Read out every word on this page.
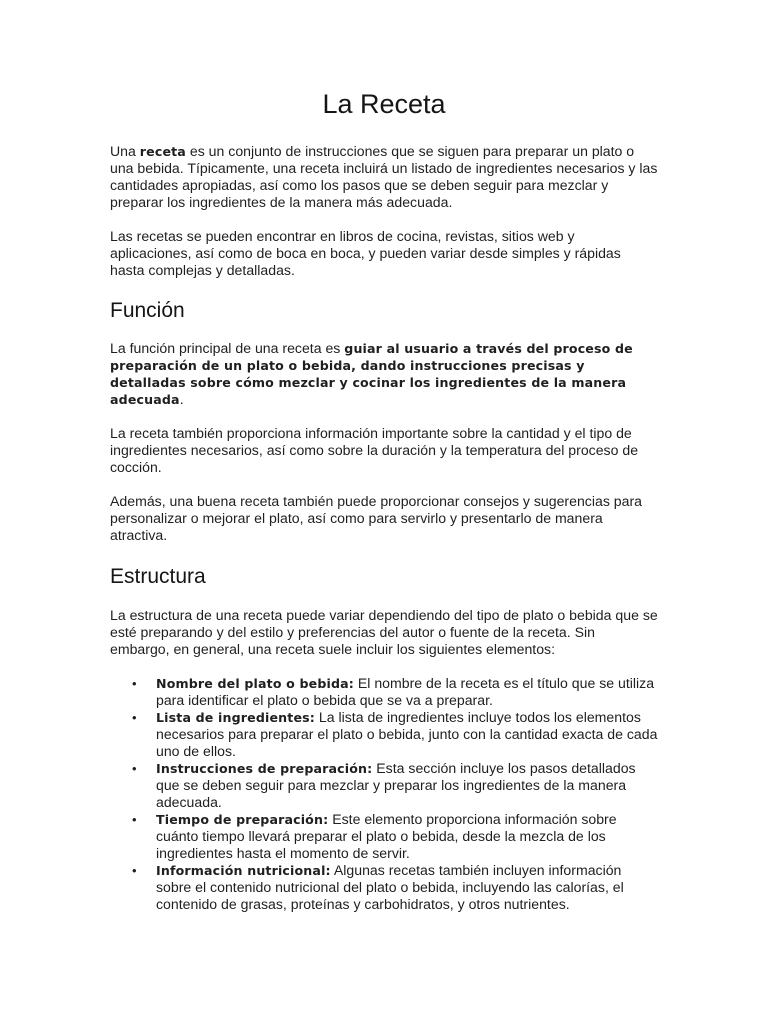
La Receta

Una receta es un conjunto de instrucciones que se siguen para preparar un plato o una bebida. Típicamente, una receta incluirá un listado de ingredientes necesarios y las cantidades apropiadas, así como los pasos que se deben seguir para mezclar y preparar los ingredientes de la manera más adecuada.

Las recetas se pueden encontrar en libros de cocina, revistas, sitios web y aplicaciones, así como de boca en boca, y pueden variar desde simples y rápidas hasta complejas y detalladas.

Función

La función principal de una receta es guiar al usuario a través del proceso de preparación de un plato o bebida, dando instrucciones precisas y detalladas sobre cómo mezclar y cocinar los ingredientes de la manera adecuada.

La receta también proporciona información importante sobre la cantidad y el tipo de ingredientes necesarios, así como sobre la duración y la temperatura del proceso de cocción.

Además, una buena receta también puede proporcionar consejos y sugerencias para personalizar o mejorar el plato, así como para servirlo y presentarlo de manera atractiva.

Estructura

La estructura de una receta puede variar dependiendo del tipo de plato o bebida que se esté preparando y del estilo y preferencias del autor o fuente de la receta. Sin embargo, en general, una receta suele incluir los siguientes elementos:

• Nombre del plato o bebida: El nombre de la receta es el título que se utiliza para identificar el plato o bebida que se va a preparar.
• Lista de ingredientes: La lista de ingredientes incluye todos los elementos necesarios para preparar el plato o bebida, junto con la cantidad exacta de cada uno de ellos.
• Instrucciones de preparación: Esta sección incluye los pasos detallados que se deben seguir para mezclar y preparar los ingredientes de la manera adecuada.
• Tiempo de preparación: Este elemento proporciona información sobre cuánto tiempo llevará preparar el plato o bebida, desde la mezcla de los ingredientes hasta el momento de servir.
• Información nutricional: Algunas recetas también incluyen información sobre el contenido nutricional del plato o bebida, incluyendo las calorías, el contenido de grasas, proteínas y carbohidratos, y otros nutrientes.
